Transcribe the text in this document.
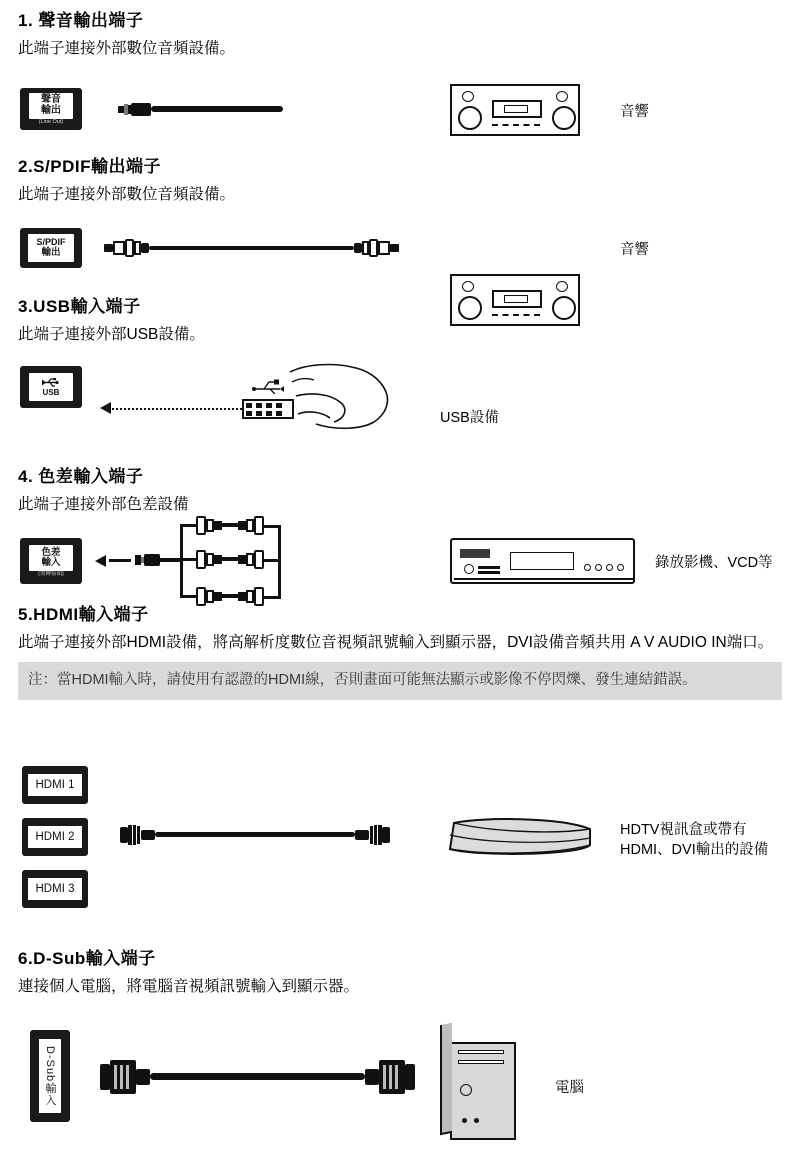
1. 聲音輸出端子
此端子連接外部數位音頻設備。
聲音
輸出
(Line Out)
音響
2.S/PDIF輸出端子
此端子連接外部數位音頻設備。
S/PDIF
輸出	音響
3.USB輸入端子
此端子連接外部USB設備。
USB
USB設備
4. 色差輸入端子
此端子連接外部色差設備
色差
輸入
(需轉接頭)
錄放影機、VCD等
5.HDMI輸入端子
此端子連接外部HDMI設備，將高解析度數位音視頻訊號輸入到顯示器，DVI設備音頻共用 A V AUDIO IN端口。
注：當HDMI輸入時，請使用有認證的HDMI線，否則畫面可能無法顯示或影像不停閃爍、發生連結錯誤。
HDMI 1
HDMI 2
HDMI 3
HDTV視訊盒或帶有
HDMI、DVI輸出的設備
6.D-Sub輸入端子
連接個人電腦，將電腦音視頻訊號輸入到顯示器。
D-Sub輸入	電腦
